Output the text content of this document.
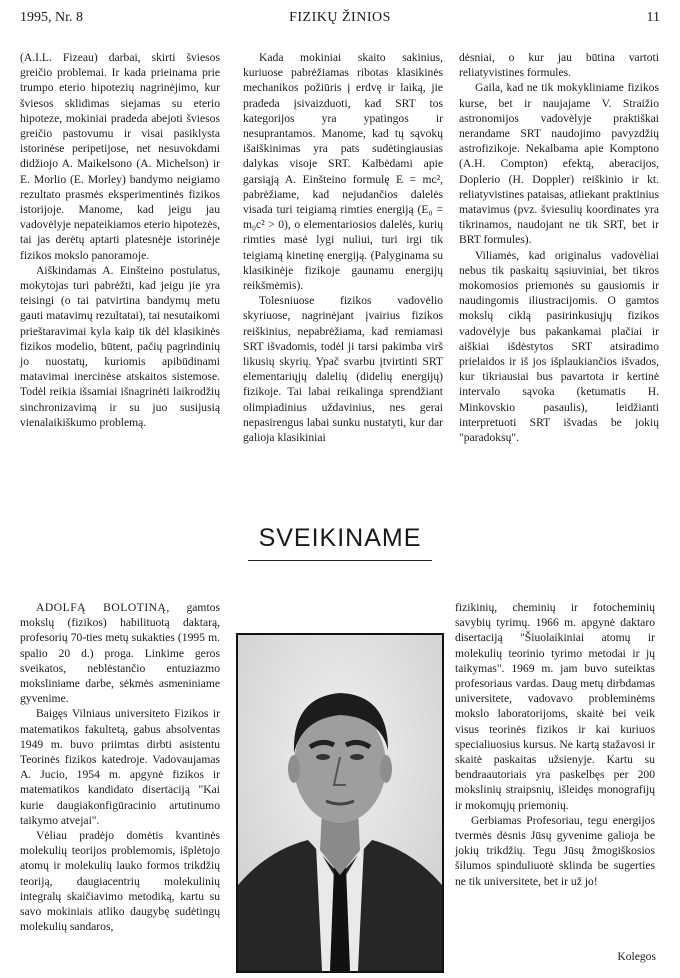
1995, Nr. 8	FIZIKŲ ŽINIOS	11

(A.I.L. Fizeau) darbai, skirti šviesos greičio problemai. Ir kada prieinama prie trumpo eterio hipotezių nagrinėjimo, kur šviesos sklidimas siejamas su eterio hipoteze, mokiniai pradeda abejoti šviesos greičio pastovumu ir visai pasiklysta istorinėse peripetijose, net nesuvokdami didžiojo A. Maikelsono (A. Michelson) ir E. Morlio (E. Morley) bandymo neigiamo rezultato prasmės eksperimentinės fizikos istorijoje. Manome, kad jeigu jau vadovėlyje nepateikiamos eterio hipotezės, tai jas derėtų aptarti platesnėje istorinėje fizikos mokslo panoramoje.

Aiškindamas A. Einšteino postulatus, mokytojas turi pabrėžti, kad jeigu jie yra teisingi (o tai patvirtina bandymų metu gauti matavimų rezultatai), tai nesutaikomi prieštaravimai kyla kaip tik dėl klasikinės fizikos modelio, būtent, pačių pagrindinių jo nuostatų, kuriomis apibūdinami matavimai inercinėse atskaitos sistemose. Todėl reikia išsamiai išnagrinėti laikrodžių sinchronizavimą ir su juo susijusią vienalaikiškumo problemą.

Kada mokiniai skaito sakinius, kuriuose pabrėžiamas ribotas klasikinės mechanikos požiūris į erdvę ir laiką, jie pradeda įsivaizduoti, kad SRT tos kategorijos yra ypatingos ir nesuprantamos. Manome, kad tų sąvokų išaiškinimas yra pats sudėtingiausias dalykas visoje SRT. Kalbėdami apie garsiąją A. Einšteino formulę E = mc², pabrėžiame, kad nejudančios dalelės visada turi teigiamą rimties energiją (E₀ = m₀c² > 0), o elementariosios dalelės, kurių rimties masė lygi nuliui, turi irgi tik teigiamą kinetinę energiją. (Palyginama su klasikinėje fizikoje gaunamu energijų reikšmėmis).

Tolesniuose fizikos vadovėlio skyriuose, nagrinėjant įvairius fizikos reiškinius, nepabrėžiama, kad remiamasi SRT išvadomis, todėl ji tarsi pakimba virš likusių skyrių. Ypač svarbu įtvirtinti SRT elementariųjų dalelių (didelių energijų) fizikoje. Tai labai reikalinga sprendžiant olimpiadinius uždavinius, nes gerai nepasirengus labai sunku nustatyti, kur dar galioja klasikiniai

dėsniai, o kur jau būtina vartoti reliatyvistines formules.

Gaila, kad ne tik mokykliniame fizikos kurse, bet ir naujajame V. Straižio astronomijos vadovėlyje praktiškai nerandame SRT naudojimo pavyzdžių astrofizikoje. Nekalbama apie Komptono (A.H. Compton) efektą, aberacijos, Doplerio (H. Doppler) reiškinio ir kt. reliatyvistines pataisas, atliekant praktinius matavimus (pvz. šviesulių koordinates yra tikrinamos, naudojant ne tik SRT, bet ir BRT formules).

Viliamės, kad originalus vadovėliai nebus tik paskaitų sąsiuviniai, bet tikros mokomosios priemonės su gausiomis ir naudingomis iliustracijomis. O gamtos mokslų ciklą pasirinkusiųjų fizikos vadovėlyje bus pakankamai plačiai ir aiškiai išdėstytos SRT atsiradimo prielaidos ir iš jos išplaukiančios išvados, kur tikriausiai bus pavartota ir kertinė intervalo sąvoka (ketumatis H. Minkovskio pasaulis), leidžianti interpretuoti SRT išvadas be jokių "paradoksų".

SVEIKINAME

ADOLFĄ BOLOTINĄ, gamtos mokslų (fizikos) habilituotą daktarą, profesorių 70-ties metų sukakties (1995 m. spalio 20 d.) proga. Linkime geros sveikatos, neblėstančio entuziazmo moksliniame darbe, sėkmės asmeniniame gyvenime.

Baigęs Vilniaus universiteto Fizikos ir matematikos fakultetą, gabus absolventas 1949 m. buvo priimtas dirbti asistentu Teorinės fizikos katedroje. Vadovaujamas A. Jucio, 1954 m. apgynė fizikos ir matematikos kandidato disertaciją "Kai kurie daugiakonfigūracinio artutinumo taikymo atvejai".

Vėliau pradėjo domėtis kvantinės molekulių teorijos problemomis, išplėtojo atomų ir molekulių lauko formos trikdžių teoriją, daugiacentrių molekulinių integralų skaičiavimo metodiką, kartu su savo mokiniais atliko daugybę sudėtingų molekulių sandaros,

fizikinių, cheminių ir fotocheminių savybių tyrimų. 1966 m. apgynė daktaro disertaciją "Šiuolaikiniai atomų ir molekulių teorinio tyrimo metodai ir jų taikymas". 1969 m. jam buvo suteiktas profesoriaus vardas. Daug metų dirbdamas universitete, vadovavo probleminėms mokslo laboratorijoms, skaitė bei veik visus teorinės fizikos ir kai kuriuos specialiuosius kursus. Ne kartą stažavosi ir skaitė paskaitas užsienyje. Kartu su bendraautoriais yra paskelbęs per 200 mokslinių straipsnių, išleidęs monografijų ir mokomųjų priemonių.

Gerbiamas Profesoriau, tegu energijos tvermės dėsnis Jūsų gyvenime galioja be jokių trikdžių. Tegu Jūsų žmogiškosios šilumos spinduliuotė sklinda be sugerties ne tik universitete, bet ir už jo!

Kolegos
